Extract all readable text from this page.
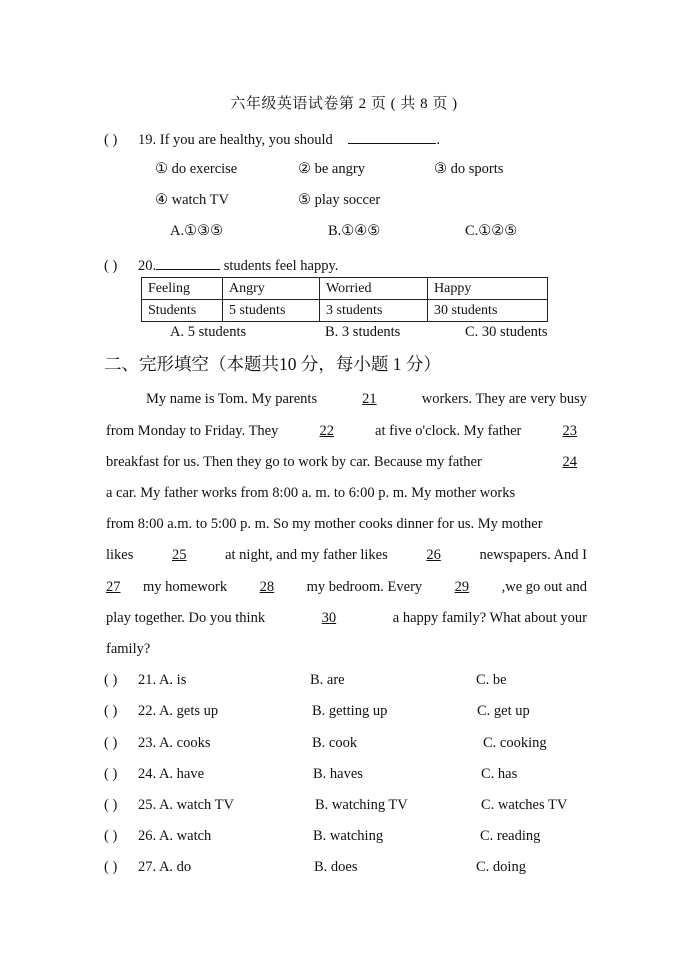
六年级英语试卷第 2 页 ( 共 8 页 )
( ) 19. If you are healthy, you should	.
① do exercise	② be angry	③ do sports
④ watch TV	⑤ play soccer
A.①③⑤	B.①④⑤	C.①②⑤
( ) 20.	students feel happy.
Feeling	Angry	Worried	Happy
Students	5 students	3 students	30 students
A. 5 students	B. 3 students	C. 30 students
二、完形填空（本题共10 分，每小题 1 分）
My name is Tom. My parents	21	workers. They are very busy
from Monday to Friday. They	22	at five o'clock. My father	23
breakfast for us. Then they go to work by car. Because my father	24
a car. My father works from 8:00 a. m. to 6:00 p. m. My mother works
from 8:00 a.m. to 5:00 p. m. So my mother cooks dinner for us. My mother
likes	25	at night, and my father likes	26	newspapers. And I
27 my homework	28	my bedroom. Every	29	,we go out and
play together. Do you think	30	a happy family? What about your
family?
( ) 21. A. is	B. are	C. be
( ) 22. A. gets up	B. getting up	C. get up
( ) 23. A. cooks	B. cook	C. cooking
( ) 24. A. have	B. haves	C. has
( ) 25. A. watch TV	B. watching TV	C. watches TV
( ) 26. A. watch	B. watching	C. reading
( ) 27. A. do	B. does	C. doing
